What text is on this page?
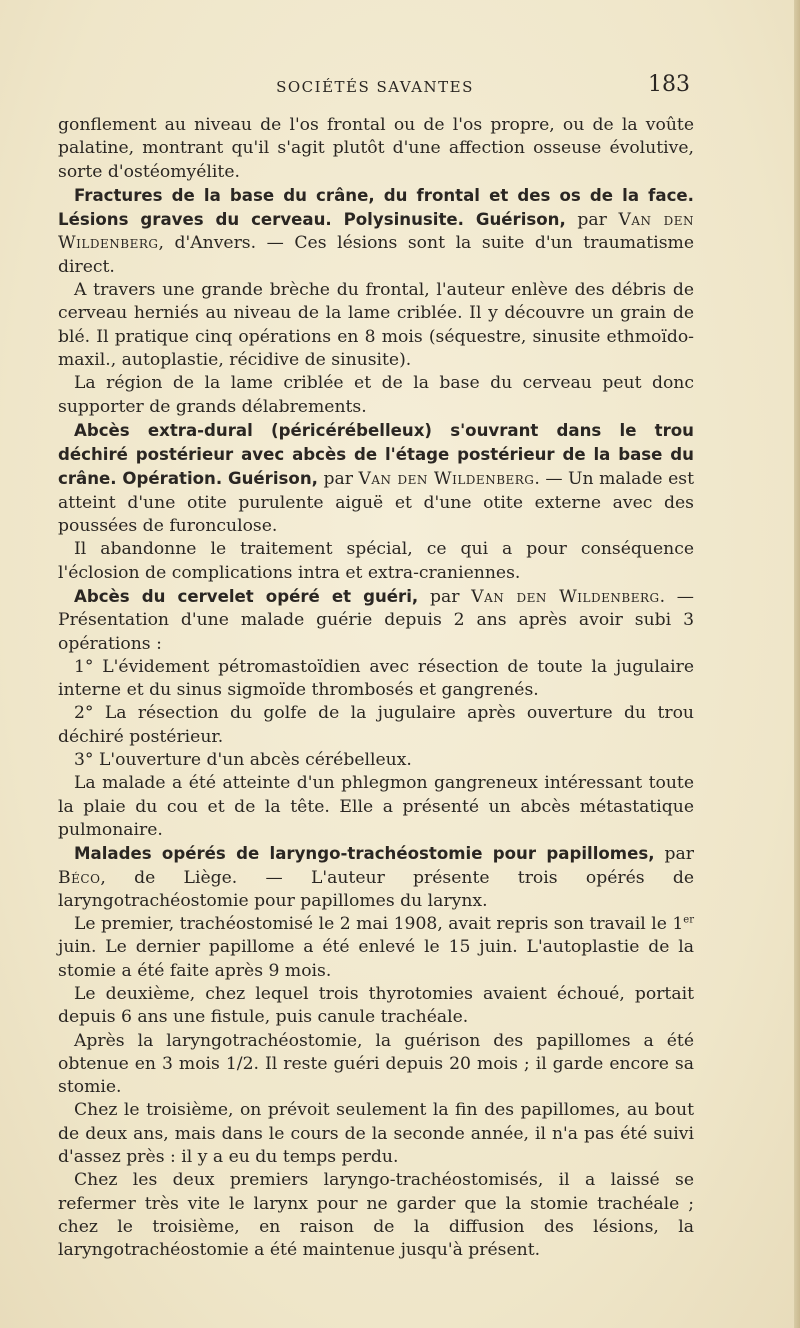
SOCIÉTÉS SAVANTES	183

gonflement au niveau de l'os frontal ou de l'os propre, ou de la voûte palatine, montrant qu'il s'agit plutôt d'une affection osseuse évolutive, sorte d'ostéomyélite.

Fractures de la base du crâne, du frontal et des os de la face. Lésions graves du cerveau. Polysinusite. Guérison, par Van den Wildenberg, d'Anvers. — Ces lésions sont la suite d'un traumatisme direct.

A travers une grande brèche du frontal, l'auteur enlève des débris de cerveau herniés au niveau de la lame criblée. Il y découvre un grain de blé. Il pratique cinq opérations en 8 mois (séquestre, sinusite ethmoïdo-maxil., autoplastie, récidive de sinusite).

La région de la lame criblée et de la base du cerveau peut donc supporter de grands délabrements.

Abcès extra-dural (péricérébelleux) s'ouvrant dans le trou déchiré postérieur avec abcès de l'étage postérieur de la base du crâne. Opération. Guérison, par Van den Wildenberg. — Un malade est atteint d'une otite purulente aiguë et d'une otite externe avec des poussées de furonculose.

Il abandonne le traitement spécial, ce qui a pour conséquence l'éclosion de complications intra et extra-craniennes.

Abcès du cervelet opéré et guéri, par Van den Wildenberg. — Présentation d'une malade guérie depuis 2 ans après avoir subi 3 opérations :

1° L'évidement pétromastoïdien avec résection de toute la jugulaire interne et du sinus sigmoïde thrombosés et gangrenés.

2° La résection du golfe de la jugulaire après ouverture du trou déchiré postérieur.

3° L'ouverture d'un abcès cérébelleux.

La malade a été atteinte d'un phlegmon gangreneux intéressant toute la plaie du cou et de la tête. Elle a présenté un abcès métastatique pulmonaire.

Malades opérés de laryngo-trachéostomie pour papillomes, par Béco, de Liège. — L'auteur présente trois opérés de laryngotrachéostomie pour papillomes du larynx.

Le premier, trachéostomisé le 2 mai 1908, avait repris son travail le 1er juin. Le dernier papillome a été enlevé le 15 juin. L'autoplastie de la stomie a été faite après 9 mois.

Le deuxième, chez lequel trois thyrotomies avaient échoué, portait depuis 6 ans une fistule, puis canule trachéale.

Après la laryngotrachéostomie, la guérison des papillomes a été obtenue en 3 mois 1/2. Il reste guéri depuis 20 mois ; il garde encore sa stomie.

Chez le troisième, on prévoit seulement la fin des papillomes, au bout de deux ans, mais dans le cours de la seconde année, il n'a pas été suivi d'assez près : il y a eu du temps perdu.

Chez les deux premiers laryngo-trachéostomisés, il a laissé se refermer très vite le larynx pour ne garder que la stomie trachéale ; chez le troisième, en raison de la diffusion des lésions, la laryngotrachéostomie a été maintenue jusqu'à présent.
